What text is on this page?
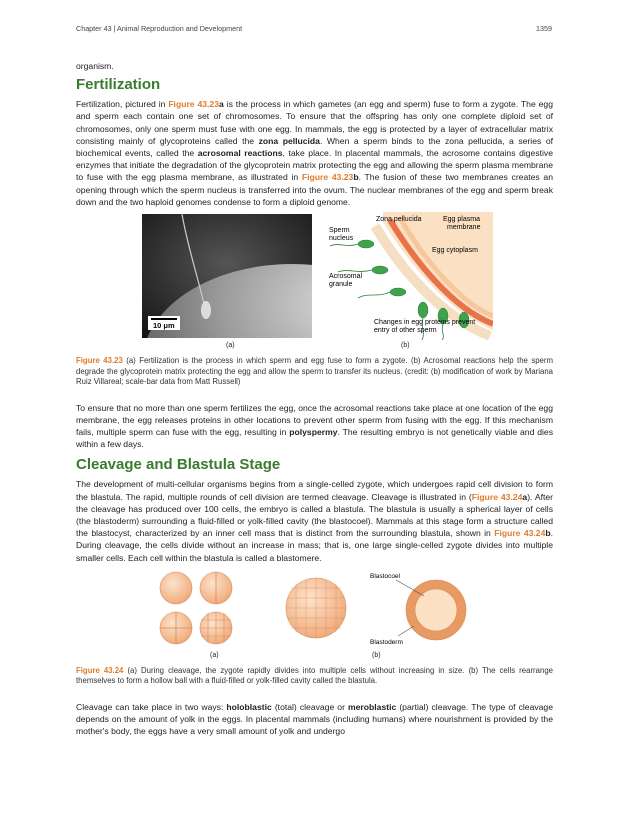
Chapter 43 | Animal Reproduction and Development	1359

organism.

Fertilization

Fertilization, pictured in Figure 43.23a is the process in which gametes (an egg and sperm) fuse to form a zygote. The egg and sperm each contain one set of chromosomes. To ensure that the offspring has only one complete diploid set of chromosomes, only one sperm must fuse with one egg. In mammals, the egg is protected by a layer of extracellular matrix consisting mainly of glycoproteins called the zona pellucida. When a sperm binds to the zona pellucida, a series of biochemical events, called the acrosomal reactions, take place. In placental mammals, the acrosome contains digestive enzymes that initiate the degradation of the glycoprotein matrix protecting the egg and allowing the sperm plasma membrane to fuse with the egg plasma membrane, as illustrated in Figure 43.23b. The fusion of these two membranes creates an opening through which the sperm nucleus is transferred into the ovum. The nuclear membranes of the egg and sperm break down and the two haploid genomes condense to form a diploid genome.

10 μm
Zona pellucida	Egg plasma
membrane
Sperm
nucleus
Egg cytoplasm
Acrosomal
granule
Changes in egg proteins prevent
entry of other sperm
(a)	(b)

Figure 43.23 (a) Fertilization is the process in which sperm and egg fuse to form a zygote. (b) Acrosomal reactions help the sperm degrade the glycoprotein matrix protecting the egg and allow the sperm to transfer its nucleus. (credit: (b) modification of work by Mariana Ruiz Villareal; scale-bar data from Matt Russell)

To ensure that no more than one sperm fertilizes the egg, once the acrosomal reactions take place at one location of the egg membrane, the egg releases proteins in other locations to prevent other sperm from fusing with the egg. If this mechanism fails, multiple sperm can fuse with the egg, resulting in polyspermy. The resulting embryo is not genetically viable and dies within a few days.

Cleavage and Blastula Stage

The development of multi-cellular organisms begins from a single-celled zygote, which undergoes rapid cell division to form the blastula. The rapid, multiple rounds of cell division are termed cleavage. Cleavage is illustrated in (Figure 43.24a). After the cleavage has produced over 100 cells, the embryo is called a blastula. The blastula is usually a spherical layer of cells (the blastoderm) surrounding a fluid-filled or yolk-filled cavity (the blastocoel). Mammals at this stage form a structure called the blastocyst, characterized by an inner cell mass that is distinct from the surrounding blastula, shown in Figure 43.24b. During cleavage, the cells divide without an increase in mass; that is, one large single-celled zygote divides into multiple smaller cells. Each cell within the blastula is called a blastomere.

Blastocoel
Blastoderm
(a)	(b)

Figure 43.24 (a) During cleavage, the zygote rapidly divides into multiple cells without increasing in size. (b) The cells rearrange themselves to form a hollow ball with a fluid-filled or yolk-filled cavity called the blastula.

Cleavage can take place in two ways: holoblastic (total) cleavage or meroblastic (partial) cleavage. The type of cleavage depends on the amount of yolk in the eggs. In placental mammals (including humans) where nourishment is provided by the mother's body, the eggs have a very small amount of yolk and undergo
